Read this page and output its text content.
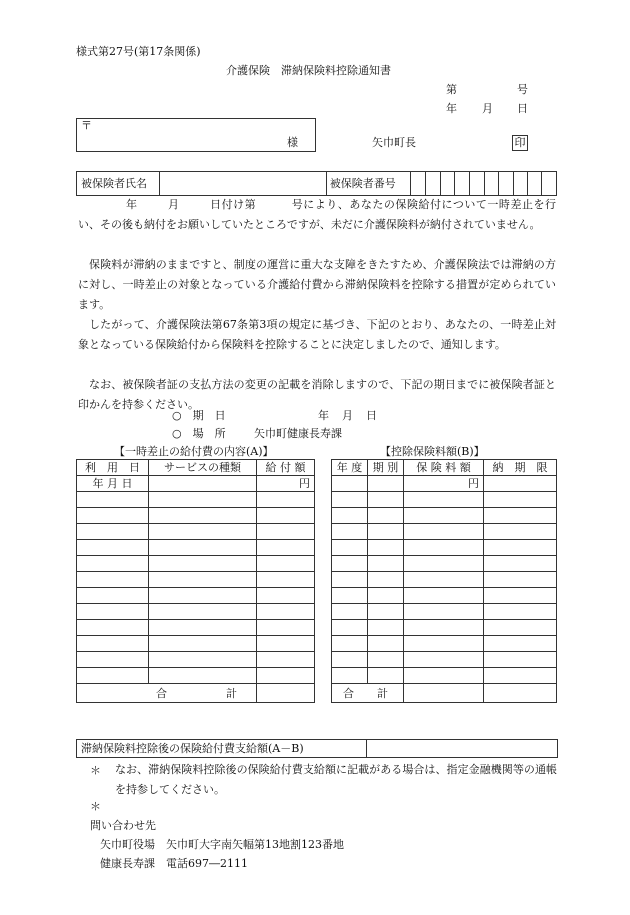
様式第27号(第17条関係)
介護保険　滞納保険料控除通知書
第	号
年 月 日
〒
様	矢巾町長	印
被保険者氏名		被保険者番号										
年	月	日付け第	号により、あなたの保険給付について一時差止を行い、その後も納付をお願いしていたところですが、未だに介護保険料が納付されていません。
保険料が滞納のままですと、制度の運営に重大な支障をきたすため、介護保険法では滞納の方に対し、一時差止の対象となっている介護給付費から滞納保険料を控除する措置が定められています。
したがって、介護保険法第67条第3項の規定に基づき、下記のとおり、あなたの、一時差止対象となっている保険給付から保険料を控除することに決定しましたので、通知します。
なお、被保険者証の支払方法の変更の記載を消除しますので、下記の期日までに被保険者証と印かんを持参ください。
○　期　日	年 月 日
○　場　所	矢巾町健康長寿課
【一時差止の給付費の内容(A)】	【控除保険料額(B)】
利　用　日	サービスの種類	給 付 額
年 月 日		円

合 計		
年 度	期 別	保 険 料 額	納　期　限
		円	

合 計			
滞納保険料控除後の保険給付費支給額(A－B)	
＊ なお、滞納保険料控除後の保険給付費支給額に記載がある場合は、指定金融機関等の通帳を持参してください。
＊
問い合わせ先
矢巾町役場　矢巾町大字南矢幅第13地割123番地
健康長寿課　電話697―2111
